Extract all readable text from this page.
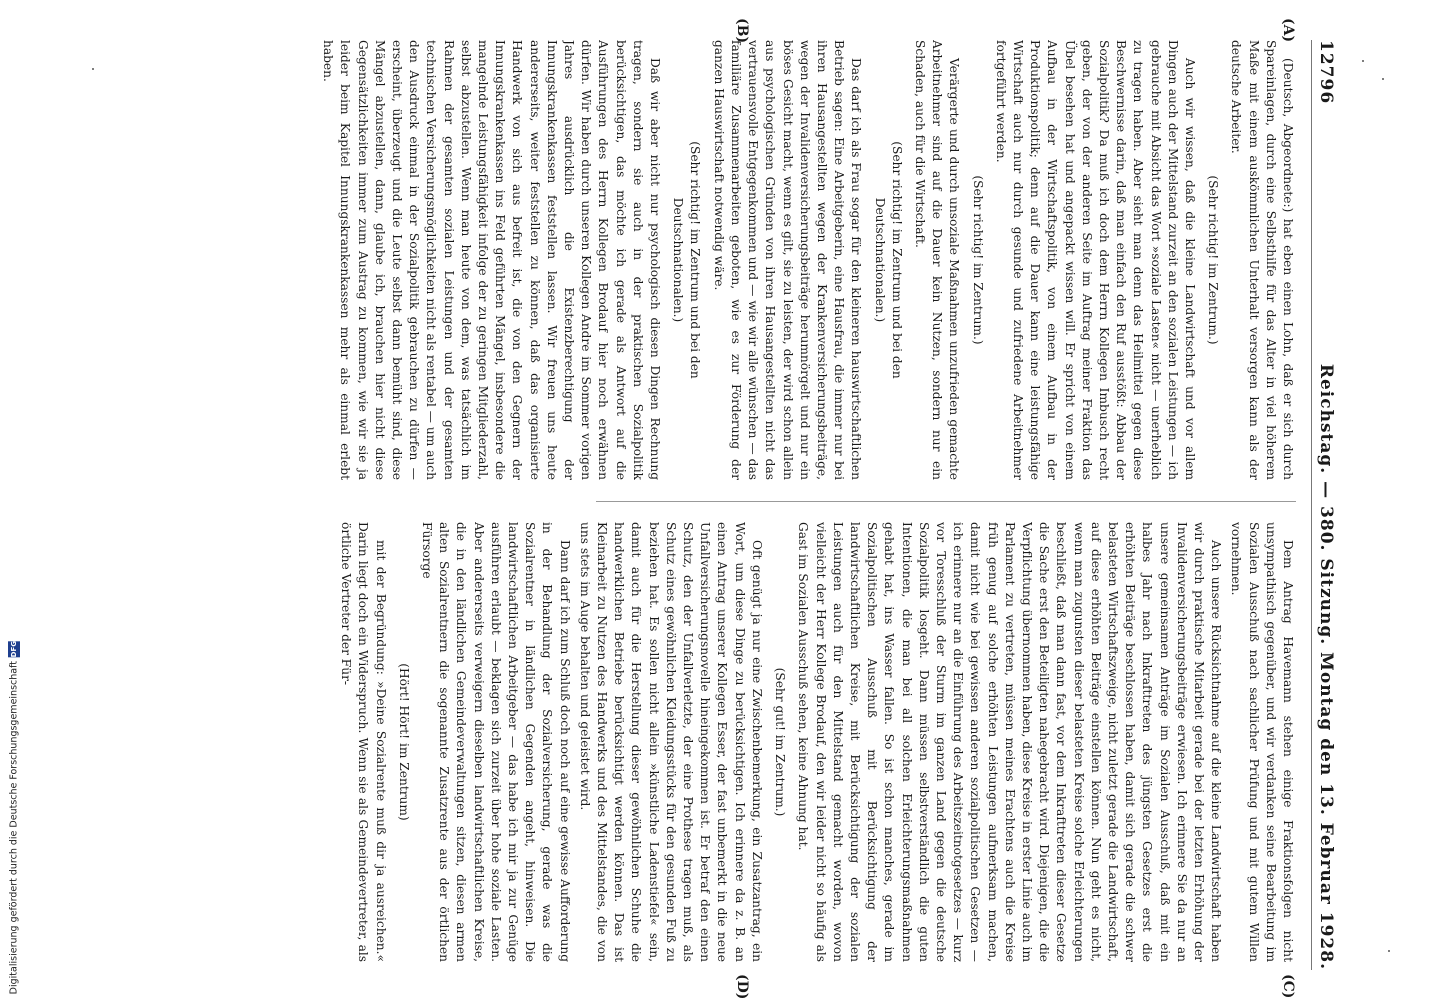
12796
Reichstag. — 380. Sitzung. Montag den 13. Februar 1928.
(A)
(B)
(C)
(D)

(Deutsch, Abgeordnete:) hat eben einen Lohn, daß er sich durch Spareinlagen, durch eine Selbsthilfe für das Alter in viel höherem Maße mit einem auskömmlichen Unterhalt versorgen kann als der deutsche Arbeiter.

(Sehr richtig! im Zentrum.)

Auch wir wissen, daß die kleine Landwirtschaft und vor allem Dingen auch der Mittelstand zurzeit an den sozialen Leistungen — ich gebrauche mit Absicht das Wort »soziale Lasten« nicht — unerheblich zu tragen haben. Aber sieht man denn das Heilmittel gegen diese Beschwernisse darin, daß man einfach den Ruf ausstößt: Abbau der Sozialpolitik? Da muß ich doch dem Herrn Kollegen Imbusch recht geben, der von der anderen Seite im Auftrag meiner Fraktion das Übel besehen hat und angepackt wissen will. Er spricht von einem Aufbau in der Wirtschaftspolitik, von einem Aufbau in der Produktionspolitik; denn auf die Dauer kann eine leistungsfähige Wirtschaft auch nur durch gesunde und zufriedene Arbeitnehmer fortgeführt werden.

(Sehr richtig! im Zentrum.)

Verärgerte und durch unsoziale Maßnahmen unzufrieden gemachte Arbeitnehmer sind auf die Dauer kein Nutzen, sondern nur ein Schaden, auch für die Wirtschaft.

(Sehr richtig! im Zentrum und bei den Deutschnationalen.)

Das darf ich als Frau sogar für den kleineren hauswirtschaftlichen Betrieb sagen: Eine Arbeitgeberin, eine Hausfrau, die immer nur bei ihren Hausangestellten wegen der Krankenversicherungsbeiträge, wegen der Invalidenversicherungsbeiträge herumnörgelt und nur ein böses Gesicht macht, wenn es gilt, sie zu leisten, der wird schon allein aus psychologischen Gründen von ihren Hausangestellten nicht das vertrauensvolle Entgegenkommen und — wie wir alle wünschen — das familiäre Zusammenarbeiten geboten, wie es zur Förderung der ganzen Hauswirtschaft notwendig wäre.

(Sehr richtig! im Zentrum und bei den Deutschnationalen.)

Daß wir aber nicht nur psychologisch diesen Dingen Rechnung tragen, sondern sie auch in der praktischen Sozialpolitik berücksichtigen, das möchte ich gerade als Antwort auf die Ausführungen des Herrn Kollegen Brodauf hier noch erwähnen dürfen. Wir haben durch unseren Kollegen Andre im Sommer vorigen Jahres ausdrücklich die Existenzberechtigung der Innungskrankenkassen feststellen lassen. Wir freuen uns heute andererseits, weiter feststellen zu können, daß das organisierte Handwerk von sich aus befreit ist, die von den Gegnern der Innungskrankenkassen ins Feld geführten Mängel, insbesondere die mangelnde Leistungsfähigkeit infolge der zu geringen Mitgliederzahl, selbst abzustellen. Wenn man heute von dem, was tatsächlich im Rahmen der gesamten sozialen Leistungen und der gesamten technischen Versicherungsmöglichkeiten nicht als rentabel — um auch den Ausdruck einmal in der Sozialpolitik gebrauchen zu dürfen — erscheint, überzeugt und die Leute selbst dann bemüht sind, diese Mängel abzustellen, dann, glaube ich, brauchen hier nicht diese Gegensätzlichkeiten immer zum Austrag zu kommen, wie wir sie ja leider beim Kapitel Innungskrankenkassen mehr als einmal erlebt haben.

Dem Antrag Havemann stehen einige Fraktionsfolgen nicht unsympathisch gegenüber, und wir verdanken seine Bearbeitung im Sozialen Ausschuß nach sachlicher Prüfung und mit gutem Willen vornehmen.

Auch unsere Rücksichtnahme auf die kleine Landwirtschaft haben wir durch praktische Mitarbeit gerade bei der letzten Erhöhung der Invalidenversicherungsbeiträge erwiesen. Ich erinnere Sie da nur an unsere gemeinsamen Anträge im Sozialen Ausschuß, daß mit ein halbes Jahr nach Inkrafttreten des jüngsten Gesetzes erst die erhöhten Beiträge beschlossen haben, damit sich gerade die schwer belasteten Wirtschaftszweige, nicht zuletzt gerade die Landwirtschaft, auf diese erhöhten Beiträge einstellen können. Nun geht es nicht, wenn man zugunsten dieser belasteten Kreise solche Erleichterungen beschließt, daß man dann fast, vor dem Inkrafttreten dieser Gesetze die Sache erst den Beteiligten nahegebracht wird. Diejenigen, die die Verpflichtung übernommen haben, diese Kreise in erster Linie auch im Parlament zu vertreten, müssen meines Erachtens auch die Kreise früh genug auf solche erhöhten Leistungen aufmerksam machen, damit nicht wie bei gewissen anderen sozialpolitischen Gesetzen — ich erinnere nur an die Einführung des Arbeitszeitnotgesetzes — kurz vor Toresschluß der Sturm im ganzen Land gegen die deutsche Sozialpolitik losgeht. Dann müssen selbstverständlich die guten Intentionen, die man bei all solchen Erleichterungsmaßnahmen gehabt hat, ins Wasser fallen. So ist schon manches, gerade im Sozialpolitischen Ausschuß mit Berücksichtigung der landwirtschaftlichen Kreise, mit Berücksichtigung der sozialen Leistungen auch für den Mittelstand gemacht worden, wovon vielleicht der Herr Kollege Brodauf, den wir leider nicht so häufig als Gast im Sozialen Ausschuß sehen, keine Ahnung hat.

(Sehr gut! im Zentrum.)

Oft genügt ja nur eine Zwischenbemerkung, ein Zusatzantrag, ein Wort, um diese Dinge zu berücksichtigen. Ich erinnere da z. B. an einen Antrag unserer Kollegen Esser, der fast unbemerkt in die neue Unfallversicherungsnovelle hineingekommen ist. Er betraf den einen Schutz, den der Unfallverletzte, der eine Prothese tragen muß, als Schutz eines gewöhnlichen Kleidungsstücks für den gesunden Fuß zu beziehen hat. Es sollen nicht allein »künstliche Ladenstiefel« sein, damit auch für die Herstellung dieser gewöhnlichen Schuhe die handwerklichen Betriebe berücksichtigt werden können. Das ist Kleinarbeit zu Nutzen des Handwerks und des Mittelstandes, die von uns stets im Auge behalten und geleistet wird.

Dann darf ich zum Schluß doch noch auf eine gewisse Aufforderung in der Behandlung der Sozialversicherung, gerade was die Sozialrentner in ländlichen Gegenden angeht, hinweisen. Die landwirtschaftlichen Arbeitgeber — das habe ich mir ja zur Genüge ausführen erlaubt — beklagen sich zurzeit über hohe soziale Lasten. Aber andererseits verweigern dieselben landwirtschaftlichen Kreise, die in den ländlichen Gemeindeverwaltungen sitzen, diesen armen alten Sozialrentnern die sogenannte Zusatzrente aus der örtlichen Fürsorge

(Hört! Hört! im Zentrum)

mit der Begründung: »Deine Sozialrente muß dir ja ausreichen.« Darin liegt doch ein Widerspruch. Wenn sie als Gemeindevertreter, als örtliche Vertreter der Für-

Digitalisierung gefördert durch die Deutsche Forschungsgemeinschaft
DFG
